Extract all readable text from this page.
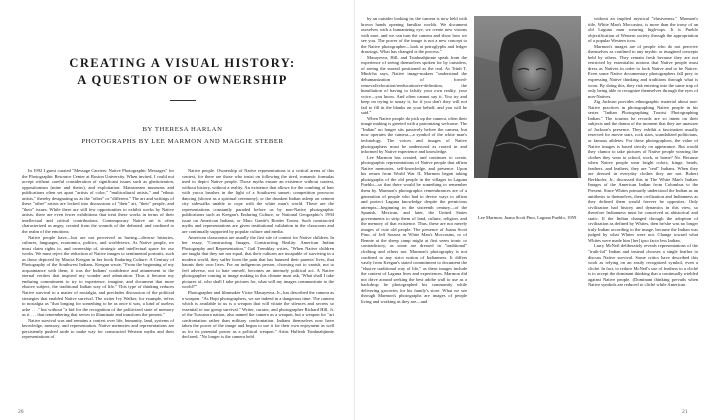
CREATING A VISUAL HISTORY:
A QUESTION OF OWNERSHIP
BY THERESA HARLAN
PHOTOGRAPHS BY LEE MARMON AND MAGGIE STEBER

In 1992 I guest curated "Message Carriers: Native Photographic Messages" for the Photographic Resource Center at Boston University. When invited, I could not accept without careful consideration of significant issues such as ghettoization, oppositionism (mine and theirs), and exploitation. Mainstream museums and publications often set apart "artists of color," "multicultural artists," and "ethnic artists," thereby designating us as the "other" or "different." The art and writings of these "other" artists are locked into discussions of "their" art, "their" people, and "their" issues. While there are still few opportunities to exhibit works by Native artists, there are even fewer exhibitions that treat these works in terms of their intellectual and critical contributions. Contemporary Native art is often characterized as angry, created from the wounds of the defeated, and confined to the realm of the emotions.

Native people have—but are not perceived as having—diverse histories, cultures, languages, economics, politics, and worldviews. As Native people, we must claim rights to, and ownership of, strategic and intellectual space for our works. We must reject the reduction of Native images to sentimental portraits, such as those depicted by Marcia Keegan in her book Enduring Culture: A Century of Photography of the Southwest Indians. Keegan wrote, "From the beginning of my acquaintance with them, it was the Indians' confidence and attunement to the eternal verities that inspired my wonder and admiration. Thus it became my enduring commitment to try to experience, imagine, and document that more elusive subject, the traditional Indian way of life." This type of thinking reduces Native survival to a matter of nostalgia, and precludes discussion of the political strategies that enabled Native survival. The writer Ivy Walker, for example, refers to nostalgia as "that longing for something to be as once it was, a kind of useless ache . . ." but without "a bid for the recognition of the politicized state of memory as it . . . that remembering that serves to illuminate and transform the present."

Native survival was and remains a contest over life, humanity, land, systems of knowledge, memory, and representation. Native memories and representations are persistently pushed aside to make way for constructed Western myths and their representations of

Native people. Ownership of Native representations is a critical arena of this contest, for there are those who insist on following the tired, romantic formulas used to depict Native people. Those myths ensure an existence without contest, without history, without a reality. An existence that allows for the combing of hair with yucca brushes in the light of a Southwest sunset; competition powwow dancing (shown as a spiritual ceremony); or the drunken Indian asleep on cement city sidewalks unable to cope with the white man's world. These are the representations constantly paraded before us by non-Native photographic publications such as Keegan's Enduring Culture, or National Geographic's 1994 issue on American Indians, or Marc Gaede's Border Towns. Such constructed myths and representations are given institutional validation in the classroom and are continually supported by popular culture and media.

American classrooms are usually the first site of contest for Native children. In her essay, "Constructing Images, Constructing Reality: American Indian Photography and Representation," Gail Tremblay writes, "When Native children are taught that they are not equal, that their cultures are incapable of surviving in a modern world, they suffer from the pain that has haunted their parents' lives, that haunts their own lives. For an indigenous person, choosing not to vanish, not to feel adverse, not to hate oneself, becomes an intensely political act. A Native photographer coming to image making in this climate must ask, 'What shall I take pictures of, who shall I take pictures for, what will my images communicate to the world?'"

Photographer and filmmaker Victor Masayesva, Jr., has described the camera as a weapon. "As Hopi photographers, we are indeed in a dangerous time. The camera which is available to us is a weapon that will vitiate the silences and secrets so essential to our group survival." Writer, curator, and photographer Richard Hill, Jr. of the Tuscarora nation, also named the camera as a weapon, but a weapon for "art confrontation rather than military confrontation. Indians themselves now have taken the power of the image and begun to use it for their own enjoyment as well as for its potential power as a political weapon." Artist Hulleah Tsinhnahjinnie declared, "No longer is the camera held

by an outsider looking in; the camera is now held with brown hands opening familiar worlds. We document ourselves with a humanizing eye, we create new visions with ease, and we can turn the camera and show how we see you. The power of the image is not a new concept to the Native photographer—look at petroglyphs and ledger drawings. What has changed is the process."

Masayesva, Hill, and Tsinhnahjinnie speak from the experience of seeing themselves spoken for by outsiders, of seeing the surreal positioned as the real. As Trinh T. Minh-ha says, Native image-makers "understand the dehumanization of forced-removal/relocation/reeducation/re-definition, the humiliation of having to falsify your own reality, your voice—you know. And often cannot say it. You try and keep on trying to unsay it, for if you don't they will not fail to fill in the blanks on your behalf, and you will be said."

When Native people do pick up the camera, often their image making is greeted with a patronizing welcome. The "Indian" no longer sits passively before the camera, but now operates the camera—a symbol of the white man's technology. The voices and images of Native photographers must be understood as rooted in and informed by Native experience and knowledge.

Lee Marmon has created, and continues to create, photographic representations of Native people that affirm Native memories, self-knowledge, and presence. Upon his return from World War II, Marmon began taking photographs of the old people in the villages in Laguna Pueblo—so that there would be something to remember them by. Marmon's photographic remembrances are of a generation of people who had to devise ways to affirm and protect Laguna knowledge despite the pernicious attempts—beginning in the sixteenth century—of the Spanish, Mexican, and later, the United States governments to strip them of land, culture, religion, and the memory of that existence. Thus, these are not merely images of cute old people. The presence of Juana Scott Pino, of Jeff Sousea in White Man's Moccasins, or of Bennie at the sheep camp might at first seem ironic or contradictory, as some are dressed in "traditional" clothing and others not. Marmon's photography is not confined to any strict notion of Indianness. It differs vastly from Keegan's stated commitment to document the "elusive traditional way of life," as these images include the context of Laguna lives and experiences. Marmon did not drive around seeking the best adobe wall to use as a backdrop; he photographed his community while delivering groceries for his family's store. What we see through Marmon's photographs are images of people living and working as they are—and

Lee Marmon, Juana Scott Pino, Laguna Pueblo, 1959

without an implied mystical "elusiveness." Marmon's title, White Man's Moccasins, is more than the irony of an old Laguna man wearing high-tops. It is Pueblo objectification of Western society through the appropriation of a popular Western icon.

Marmon's images are of people who do not perceive themselves as confined to any mythic or imagined concepts held by others. They remain fresh because they are not restricted by essentialist notions that Native people must dress as Natives in order to look Native and to be Native. Even some Native documentary photographers fall prey to expressing Native thinking and traditions through what is worn. By doing this, they risk entering into the same trap of only being able to recognize themselves through the eyes of non-Natives.

Zig Jackson provides ethnographic material about non-Native practices in photographing Native people in his series "Indian Photographing Tourist Photographing Indian." The tourists he records are so intent on their subjects and the drama of the moment that they are unaware of Jackson's presence. They exhibit a fascination usually reserved for movie stars, rock stars, scandalized politicians, or famous athletes. For these photographers, the value of Native images is based strictly on appearance. But would they clamor to take pictures of Native people wearing the clothes they wear to school, work, or home? No. Because when Native people wear bright colors, fringe, beads, feathers, and leathers, they are "real" Indians. When they are dressed in everyday clothes they are not. Robert Berkhofer, Jr., discussed this in The White Man's Indian: Images of the American Indian from Columbus to the Present. Since Whites primarily understood the Indian as an antithesis to themselves, then civilization and Indianness as they defined them would forever be opposites. Only civilization had history and dynamics in this view, so therefore Indianness must be conceived as ahistorical and static. If the Indian changed through the adoption of civilization as defined by Whites, then he/she was no longer truly Indian according to the image, because the Indian was judged by what Whites were not. Change toward what Whites were made him [her] ipso facto less Indian.

Larry McNeil deliberately reveals representations of the "truth-ful" Indian and instead chooses a single feather to discuss Native survival. Some critics have described this work as relying on an easily recognized symbol, even a cliché. In fact, to reduce McNeil's use of feathers to a cliché is to accept the dominant thinking that a continually wielded against Native people. (Dominant thinking prevails when Native symbols are reduced to cliché while American

20	21
